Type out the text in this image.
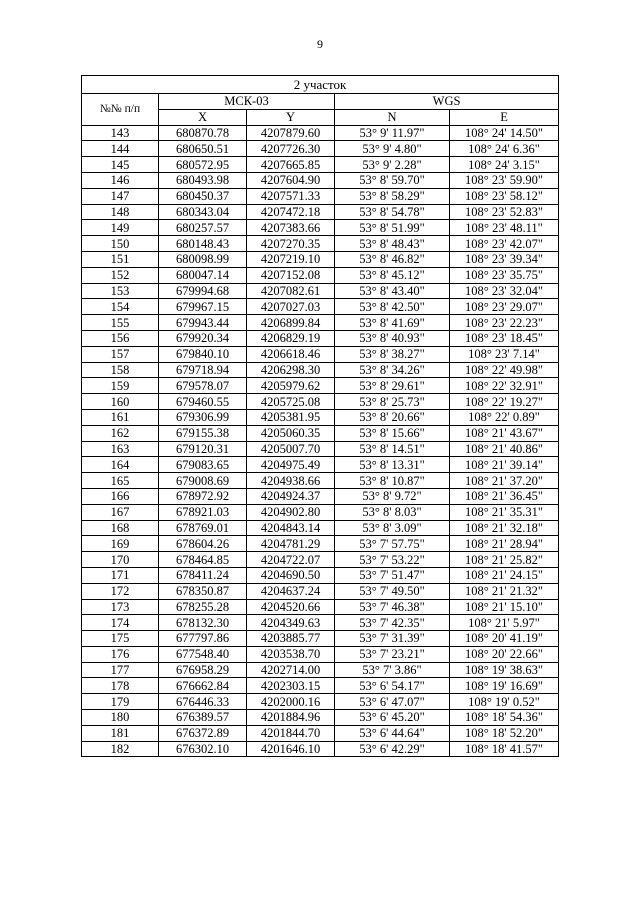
9
2 участок				
№№ п/п	МСК-03		WGS	
	X	Y	N	E
143	680870.78	4207879.60	53° 9' 11.97"	108° 24' 14.50"
144	680650.51	4207726.30	53° 9' 4.80"	108° 24' 6.36"
145	680572.95	4207665.85	53° 9' 2.28"	108° 24' 3.15"
146	680493.98	4207604.90	53° 8' 59.70"	108° 23' 59.90"
147	680450.37	4207571.33	53° 8' 58.29"	108° 23' 58.12"
148	680343.04	4207472.18	53° 8' 54.78"	108° 23' 52.83"
149	680257.57	4207383.66	53° 8' 51.99"	108° 23' 48.11"
150	680148.43	4207270.35	53° 8' 48.43"	108° 23' 42.07"
151	680098.99	4207219.10	53° 8' 46.82"	108° 23' 39.34"
152	680047.14	4207152.08	53° 8' 45.12"	108° 23' 35.75"
153	679994.68	4207082.61	53° 8' 43.40"	108° 23' 32.04"
154	679967.15	4207027.03	53° 8' 42.50"	108° 23' 29.07"
155	679943.44	4206899.84	53° 8' 41.69"	108° 23' 22.23"
156	679920.34	4206829.19	53° 8' 40.93"	108° 23' 18.45"
157	679840.10	4206618.46	53° 8' 38.27"	108° 23' 7.14"
158	679718.94	4206298.30	53° 8' 34.26"	108° 22' 49.98"
159	679578.07	4205979.62	53° 8' 29.61"	108° 22' 32.91"
160	679460.55	4205725.08	53° 8' 25.73"	108° 22' 19.27"
161	679306.99	4205381.95	53° 8' 20.66"	108° 22' 0.89"
162	679155.38	4205060.35	53° 8' 15.66"	108° 21' 43.67"
163	679120.31	4205007.70	53° 8' 14.51"	108° 21' 40.86"
164	679083.65	4204975.49	53° 8' 13.31"	108° 21' 39.14"
165	679008.69	4204938.66	53° 8' 10.87"	108° 21' 37.20"
166	678972.92	4204924.37	53° 8' 9.72"	108° 21' 36.45"
167	678921.03	4204902.80	53° 8' 8.03"	108° 21' 35.31"
168	678769.01	4204843.14	53° 8' 3.09"	108° 21' 32.18"
169	678604.26	4204781.29	53° 7' 57.75"	108° 21' 28.94"
170	678464.85	4204722.07	53° 7' 53.22"	108° 21' 25.82"
171	678411.24	4204690.50	53° 7' 51.47"	108° 21' 24.15"
172	678350.87	4204637.24	53° 7' 49.50"	108° 21' 21.32"
173	678255.28	4204520.66	53° 7' 46.38"	108° 21' 15.10"
174	678132.30	4204349.63	53° 7' 42.35"	108° 21' 5.97"
175	677797.86	4203885.77	53° 7' 31.39"	108° 20' 41.19"
176	677548.40	4203538.70	53° 7' 23.21"	108° 20' 22.66"
177	676958.29	4202714.00	53° 7' 3.86"	108° 19' 38.63"
178	676662.84	4202303.15	53° 6' 54.17"	108° 19' 16.69"
179	676446.33	4202000.16	53° 6' 47.07"	108° 19' 0.52"
180	676389.57	4201884.96	53° 6' 45.20"	108° 18' 54.36"
181	676372.89	4201844.70	53° 6' 44.64"	108° 18' 52.20"
182	676302.10	4201646.10	53° 6' 42.29"	108° 18' 41.57"
